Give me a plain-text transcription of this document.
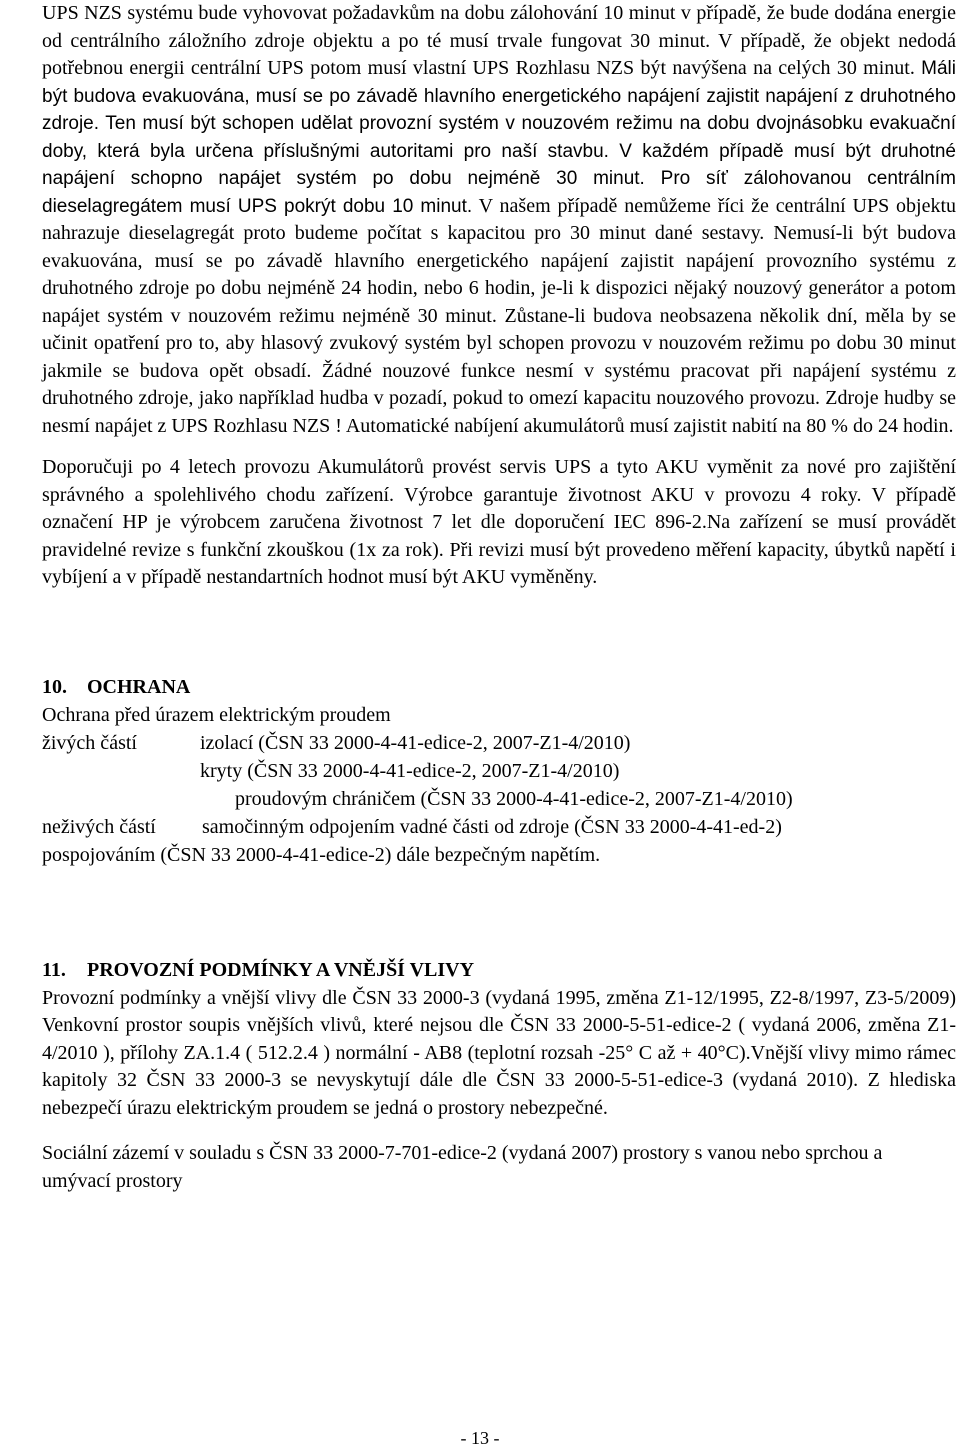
UPS NZS systému bude vyhovovat požadavkům na dobu zálohování 10 minut v případě, že bude dodána energie od centrálního záložního zdroje objektu a po té musí trvale fungovat 30 minut. V případě, že objekt nedodá potřebnou energii centrální UPS potom musí vlastní UPS Rozhlasu NZS být navýšena na celých 30 minut. Máli být budova evakuována, musí se po závadě hlavního energetického napájení zajistit napájení z druhotného zdroje. Ten musí být schopen udělat provozní systém v nouzovém režimu na dobu dvojnásobku evakuační doby, která byla určena příslušnými autoritami pro naší stavbu. V každém případě musí být druhotné napájení schopno napájet systém po dobu nejméně 30 minut. Pro síť zálohovanou centrálním dieselagregátem musí UPS pokrýt dobu 10 minut. V našem případě nemůžeme říci že centrální UPS objektu nahrazuje dieselagregát proto budeme počítat s kapacitou pro 30 minut dané sestavy. Nemusí-li být budova evakuována, musí se po závadě hlavního energetického napájení zajistit napájení provozního systému z druhotného zdroje po dobu nejméně 24 hodin, nebo 6 hodin, je-li k dispozici nějaký nouzový generátor a potom napájet systém v nouzovém režimu nejméně 30 minut. Zůstane-li budova neobsazena několik dní, měla by se učinit opatření pro to, aby hlasový zvukový systém byl schopen provozu v nouzovém režimu po dobu 30 minut jakmile se budova opět obsadí. Žádné nouzové funkce nesmí v systému pracovat při napájení systému z druhotného zdroje, jako například hudba v pozadí, pokud to omezí kapacitu nouzového provozu. Zdroje hudby se nesmí napájet z UPS Rozhlasu NZS ! Automatické nabíjení akumulátorů musí zajistit nabití na 80 % do 24 hodin.

Doporučuji po 4 letech provozu Akumulátorů provést servis UPS a tyto AKU vyměnit za nové pro zajištění správného a spolehlivého chodu zařízení. Výrobce garantuje životnost AKU v provozu 4 roky. V případě označení HP je výrobcem zaručena životnost 7 let dle doporučení IEC 896-2.Na zařízení se musí provádět pravidelné revize s funkční zkouškou (1x za rok). Při revizi musí být provedeno měření kapacity, úbytků napětí i vybíjení a v případě nestandartních hodnot musí být AKU vyměněny.

10.	OCHRANA

Ochrana před úrazem elektrickým proudem

živých částí	izolací (ČSN 33 2000-4-41-edice-2, 2007-Z1-4/2010)

kryty (ČSN 33 2000-4-41-edice-2, 2007-Z1-4/2010)

proudovým chráničem (ČSN 33 2000-4-41-edice-2, 2007-Z1-4/2010)

neživých částí samočinným odpojením vadné části od zdroje (ČSN 33 2000-4-41-ed-2)

pospojováním (ČSN 33 2000-4-41-edice-2) dále bezpečným napětím.

11.	PROVOZNÍ PODMÍNKY A VNĚJŠÍ VLIVY

Provozní podmínky a vnější vlivy dle ČSN 33 2000-3 (vydaná 1995, změna Z1-12/1995, Z2-8/1997, Z3-5/2009) Venkovní prostor soupis vnějších vlivů, které nejsou dle ČSN 33 2000-5-51-edice-2 ( vydaná 2006, změna Z1-4/2010 ), přílohy ZA.1.4 ( 512.2.4 ) normální - AB8 (teplotní rozsah -25° C až + 40°C).Vnější vlivy mimo rámec kapitoly 32 ČSN 33 2000-3 se nevyskytují dále dle ČSN 33 2000-5-51-edice-3 (vydaná 2010). Z hlediska nebezpečí úrazu elektrickým proudem se jedná o prostory nebezpečné.

Sociální zázemí v souladu s ČSN 33 2000-7-701-edice-2 (vydaná 2007) prostory s vanou nebo sprchou a umývací prostory

- 13 -
